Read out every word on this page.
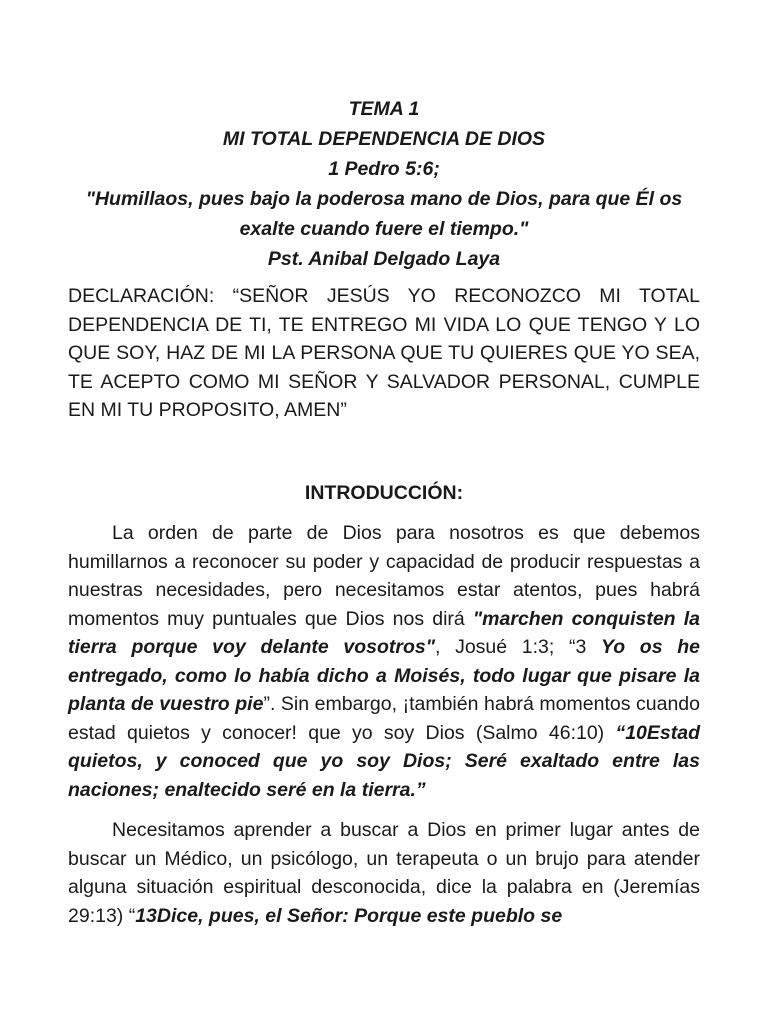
TEMA 1
MI TOTAL DEPENDENCIA DE DIOS
1 Pedro 5:6;
"Humillaos, pues bajo la poderosa mano de Dios, para que Él os
exalte cuando fuere el tiempo."
Pst. Anibal Delgado Laya
DECLARACIÓN: “SEÑOR JESÚS YO RECONOZCO MI TOTAL DEPENDENCIA DE TI, TE ENTREGO MI VIDA LO QUE TENGO Y LO QUE SOY, HAZ DE MI LA PERSONA QUE TU QUIERES QUE YO SEA, TE ACEPTO COMO MI SEÑOR Y SALVADOR PERSONAL, CUMPLE EN MI TU PROPOSITO, AMEN”
INTRODUCCIÓN:
La orden de parte de Dios para nosotros es que debemos humillarnos a reconocer su poder y capacidad de producir respuestas a nuestras necesidades, pero necesitamos estar atentos, pues habrá momentos muy puntuales que Dios nos dirá "marchen conquisten la tierra porque voy delante vosotros", Josué 1:3; “3 Yo os he entregado, como lo había dicho a Moisés, todo lugar que pisare la planta de vuestro pie”. Sin embargo, ¡también habrá momentos cuando estad quietos y conocer! que yo soy Dios (Salmo 46:10) “10Estad quietos, y conoced que yo soy Dios; Seré exaltado entre las naciones; enaltecido seré en la tierra.”
Necesitamos aprender a buscar a Dios en primer lugar antes de buscar un Médico, un psicólogo, un terapeuta o un brujo para atender alguna situación espiritual desconocida, dice la palabra en (Jeremías 29:13) “13Dice, pues, el Señor: Porque este pueblo se
